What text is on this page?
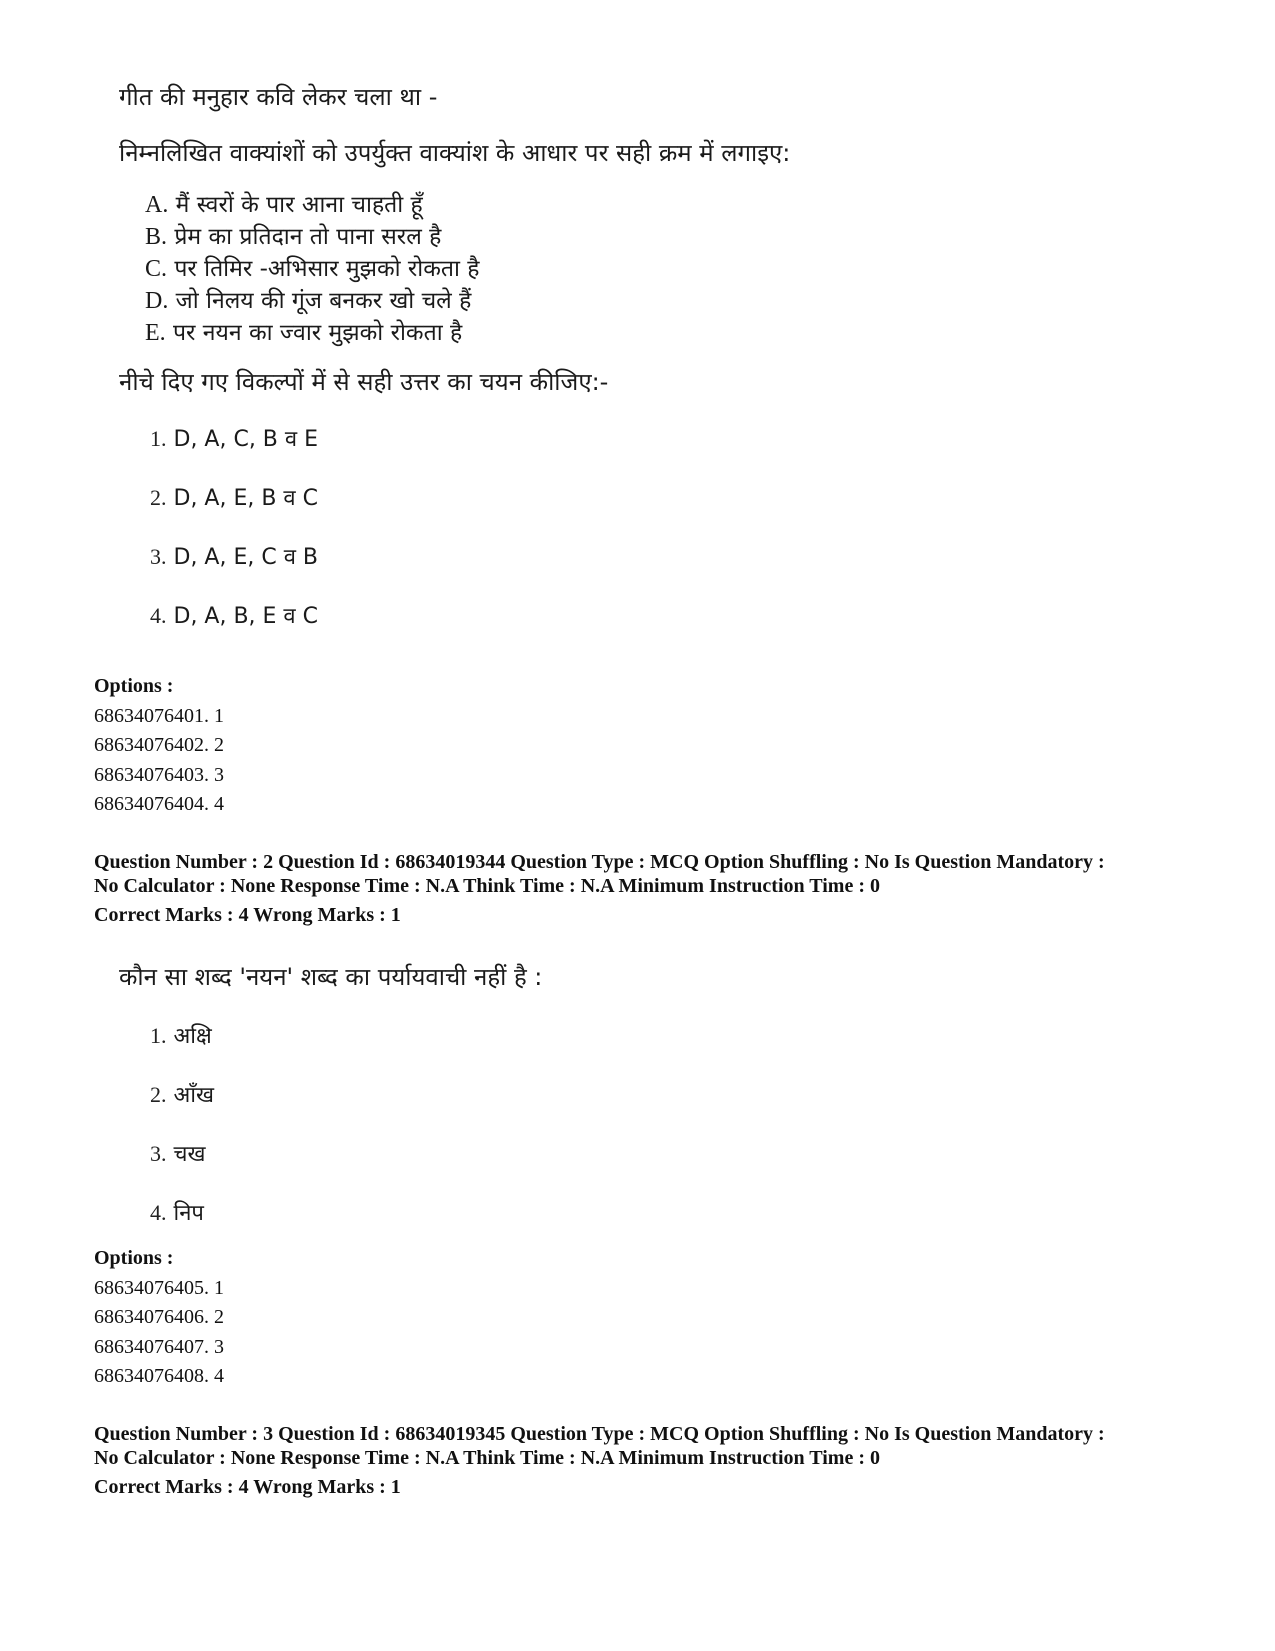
गीत की मनुहार कवि लेकर चला था -

निम्नलिखित वाक्यांशों को उपर्युक्त वाक्यांश के आधार पर सही क्रम में लगाइए:

A. मैं स्वरों के पार आना चाहती हूँ
B. प्रेम का प्रतिदान तो पाना सरल है
C. पर तिमिर -अभिसार मुझको रोकता है
D. जो निलय की गूंज बनकर खो चले हैं
E. पर नयन का ज्वार मुझको रोकता है

नीचे दिए गए विकल्पों में से सही उत्तर का चयन कीजिए:-

1. D, A, C, B व E
2. D, A, E, B व C
3. D, A, E, C व B
4. D, A, B, E व C
Options :
68634076401. 1
68634076402. 2
68634076403. 3
68634076404. 4
Question Number : 2 Question Id : 68634019344 Question Type : MCQ Option Shuffling : No Is Question Mandatory :
No Calculator : None Response Time : N.A Think Time : N.A Minimum Instruction Time : 0
Correct Marks : 4 Wrong Marks : 1

कौन सा शब्द 'नयन' शब्द का पर्यायवाची नहीं है :

1. अक्षि
2. आँख
3. चख
4. निप
Options :
68634076405. 1
68634076406. 2
68634076407. 3
68634076408. 4
Question Number : 3 Question Id : 68634019345 Question Type : MCQ Option Shuffling : No Is Question Mandatory :
No Calculator : None Response Time : N.A Think Time : N.A Minimum Instruction Time : 0
Correct Marks : 4 Wrong Marks : 1
